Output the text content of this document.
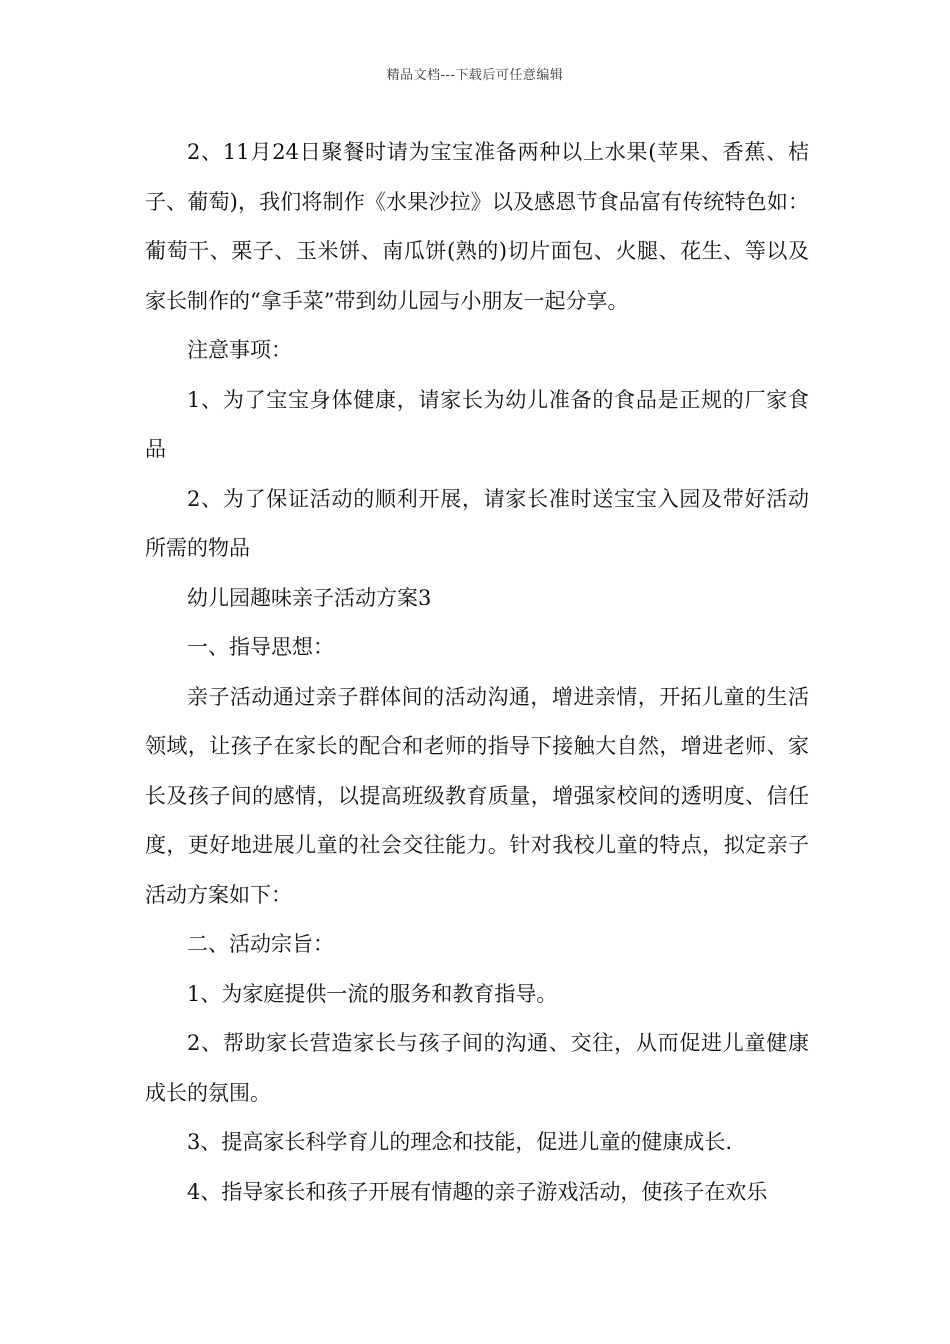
精品文档---下载后可任意编辑

2、11月24日聚餐时请为宝宝准备两种以上水果(苹果、香蕉、桔子、葡萄)，我们将制作《水果沙拉》以及感恩节食品富有传统特色如：葡萄干、栗子、玉米饼、南瓜饼(熟的)切片面包、火腿、花生、等以及家长制作的“拿手菜”带到幼儿园与小朋友一起分享。

注意事项：

1、为了宝宝身体健康，请家长为幼儿准备的食品是正规的厂家食品

2、为了保证活动的顺利开展，请家长准时送宝宝入园及带好活动所需的物品

幼儿园趣味亲子活动方案3

一、指导思想：

亲子活动通过亲子群体间的活动沟通，增进亲情，开拓儿童的生活领域，让孩子在家长的配合和老师的指导下接触大自然，增进老师、家长及孩子间的感情，以提高班级教育质量，增强家校间的透明度、信任度，更好地进展儿童的社会交往能力。针对我校儿童的特点，拟定亲子活动方案如下：

二、活动宗旨：

1、为家庭提供一流的服务和教育指导。

2、帮助家长营造家长与孩子间的沟通、交往，从而促进儿童健康成长的氛围。

3、提高家长科学育儿的理念和技能，促进儿童的健康成长.

4、指导家长和孩子开展有情趣的亲子游戏活动，使孩子在欢乐
